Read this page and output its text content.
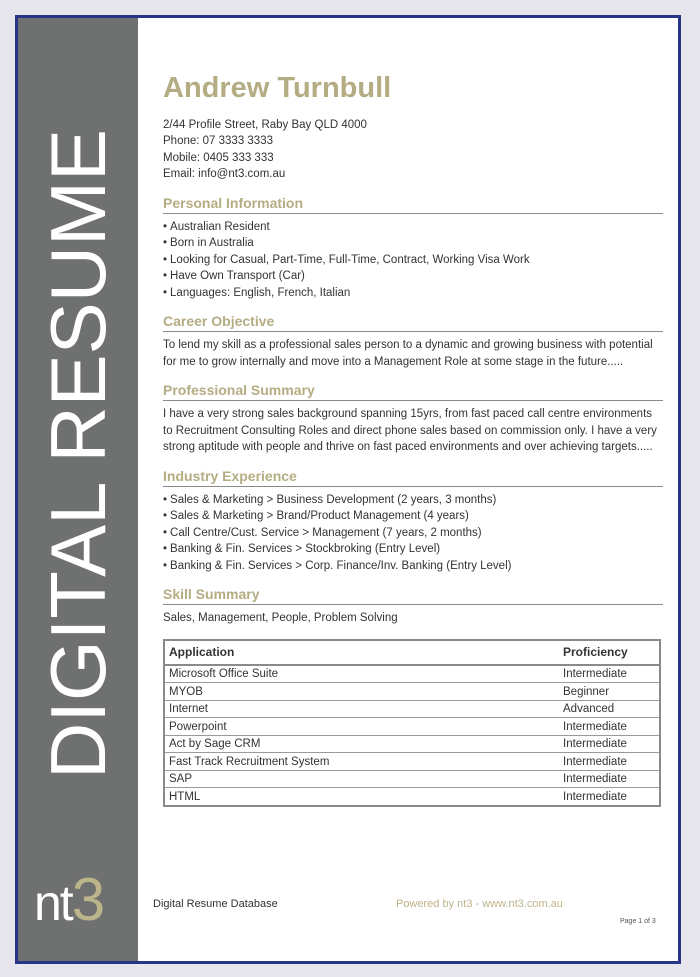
DIGITAL RESUME
nt3
Andrew Turnbull
2/44 Profile Street, Raby Bay QLD 4000
Phone: 07 3333 3333
Mobile: 0405 333 333
Email: info@nt3.com.au
Personal Information
• Australian Resident
• Born in Australia
• Looking for Casual, Part-Time, Full-Time, Contract, Working Visa Work
• Have Own Transport (Car)
• Languages: English, French, Italian
Career Objective

To lend my skill as a professional sales person to a dynamic and growing business with potential for me to grow internally and move into a Management Role at some stage in the future.....

Professional Summary

I have a very strong sales background spanning 15yrs, from fast paced call centre environments to Recruitment Consulting Roles and direct phone sales based on commission only. I have a very strong aptitude with people and thrive on fast paced environments and over achieving targets.....

Industry Experience
• Sales & Marketing > Business Development (2 years, 3 months)
• Sales & Marketing > Brand/Product Management (4 years)
• Call Centre/Cust. Service > Management (7 years, 2 months)
• Banking & Fin. Services > Stockbroking (Entry Level)
• Banking & Fin. Services > Corp. Finance/Inv. Banking (Entry Level)
Skill Summary

Sales, Management, People, Problem Solving

Application	Proficiency
Microsoft Office Suite	Intermediate
MYOB	Beginner
Internet	Advanced
Powerpoint	Intermediate
Act by Sage CRM	Intermediate
Fast Track Recruitment System	Intermediate
SAP	Intermediate
HTML	Intermediate
Digital Resume Database	Powered by nt3 - www.nt3.com.au
Page 1 of 3
